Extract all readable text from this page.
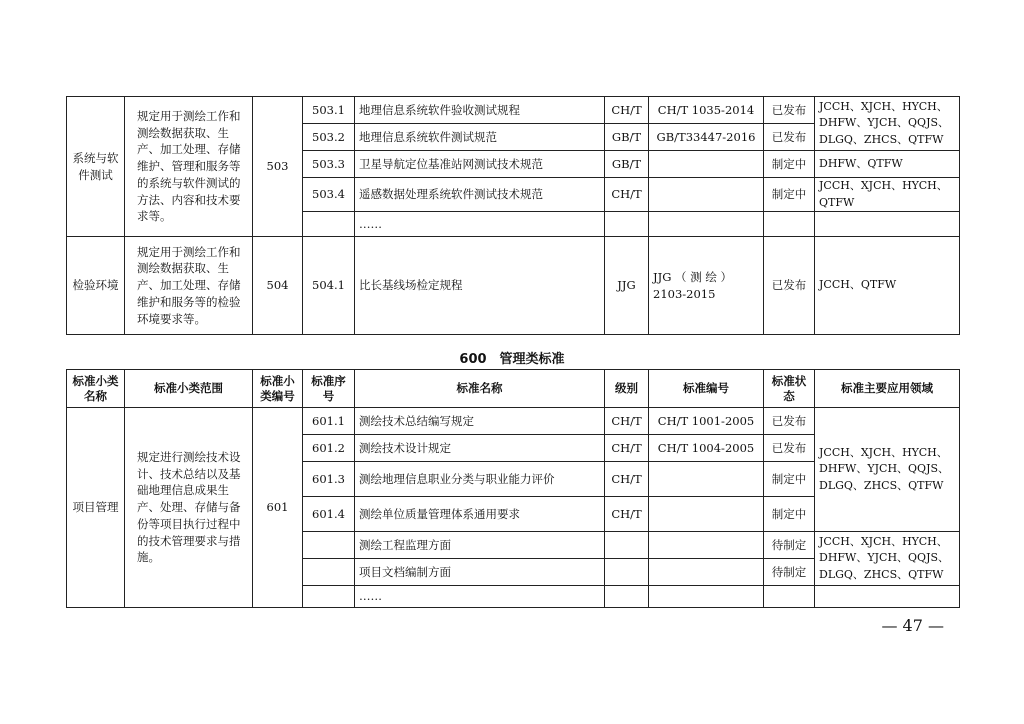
系统与软件测试	规定用于测绘工作和测绘数据获取、生产、加工处理、存储维护、管理和服务等的系统与软件测试的方法、内容和技术要求等。	503	503.1	地理信息系统软件验收测试规程	CH/T	CH/T 1035-2014	已发布	JCCH、XJCH、HYCH、DHFW、YJCH、QQJS、DLGQ、ZHCS、QTFW
			503.2	地理信息系统软件测试规范	GB/T	GB/T33447-2016	已发布	
			503.3	卫星导航定位基准站网测试技术规范	GB/T		制定中	DHFW、QTFW
			503.4	遥感数据处理系统软件测试技术规范	CH/T		制定中	JCCH、XJCH、HYCH、QTFW
				……				
检验环境	规定用于测绘工作和测绘数据获取、生产、加工处理、存储维护和服务等的检验环境要求等。	504	504.1	比长基线场检定规程	JJG	JJG （ 测 绘 ） 2103-2015	已发布	JCCH、QTFW
600　管理类标准
标准小类名称	标准小类范围	标准小类编号	标准序号	标准名称	级别	标准编号	标准状态	标准主要应用领域
项目管理	规定进行测绘技术设计、技术总结以及基础地理信息成果生产、处理、存储与备份等项目执行过程中的技术管理要求与措施。	601	601.1	测绘技术总结编写规定	CH/T	CH/T 1001-2005	已发布	JCCH、XJCH、HYCH、DHFW、YJCH、QQJS、DLGQ、ZHCS、QTFW
			601.2	测绘技术设计规定	CH/T	CH/T 1004-2005	已发布	
			601.3	测绘地理信息职业分类与职业能力评价	CH/T		制定中	
			601.4	测绘单位质量管理体系通用要求	CH/T		制定中	
				测绘工程监理方面			待制定	JCCH、XJCH、HYCH、DHFW、YJCH、QQJS、DLGQ、ZHCS、QTFW
				项目文档编制方面			待制定	
				……				
— 47 —
